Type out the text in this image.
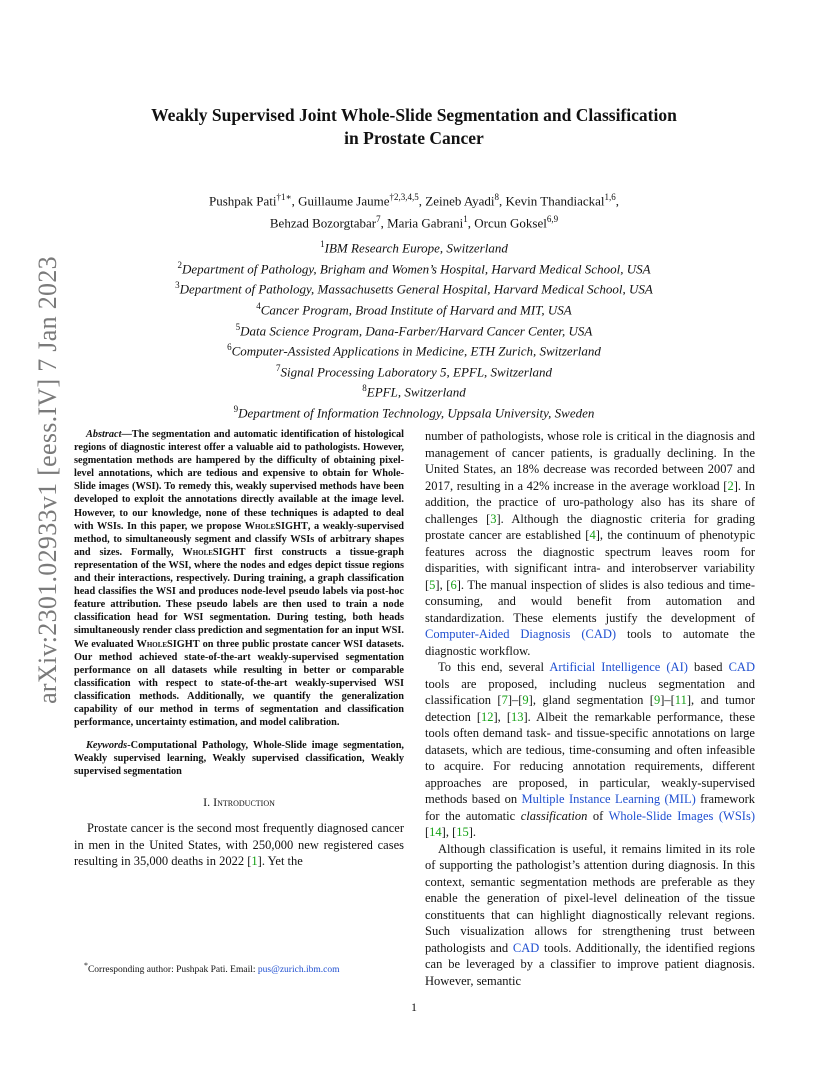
arXiv:2301.02933v1 [eess.IV] 7 Jan 2023
Weakly Supervised Joint Whole-Slide Segmentation and Classification
in Prostate Cancer
Pushpak Pati$^{\dagger 1∗}$, Guillaume Jaume$^{\dagger 2,3,4,5}$, Zeineb Ayadi$^8$, Kevin Thandiackal$^{1,6}$,
Behzad Bozorgtabar$^7$, Maria Gabrani$^1$, Orcun Goksel$^{6,9}$
$^1$IBM Research Europe, Switzerland
$^2$Department of Pathology, Brigham and Women’s Hospital, Harvard Medical School, USA
$^3$Department of Pathology, Massachusetts General Hospital, Harvard Medical School, USA
$^4$Cancer Program, Broad Institute of Harvard and MIT, USA
$^5$Data Science Program, Dana-Farber/Harvard Cancer Center, USA
$^6$Computer-Assisted Applications in Medicine, ETH Zurich, Switzerland
$^7$Signal Processing Laboratory 5, EPFL, Switzerland
$^8$EPFL, Switzerland
$^9$Department of Information Technology, Uppsala University, Sweden

Abstract—The segmentation and automatic identification of histological regions of diagnostic interest offer a valuable aid to pathologists. However, segmentation methods are hampered by the difficulty of obtaining pixel-level annotations, which are tedious and expensive to obtain for Whole-Slide images (WSI). To remedy this, weakly supervised methods have been developed to exploit the annotations directly available at the image level. However, to our knowledge, none of these techniques is adapted to deal with WSIs. In this paper, we propose WholeSIGHT, a weakly-supervised method, to simultaneously segment and classify WSIs of arbitrary shapes and sizes. Formally, WholeSIGHT first constructs a tissue-graph representation of the WSI, where the nodes and edges depict tissue regions and their interactions, respectively. During training, a graph classification head classifies the WSI and produces node-level pseudo labels via post-hoc feature attribution. These pseudo labels are then used to train a node classification head for WSI segmentation. During testing, both heads simultaneously render class prediction and segmentation for an input WSI. We evaluated WholeSIGHT on three public prostate cancer WSI datasets. Our method achieved state-of-the-art weakly-supervised segmentation performance on all datasets while resulting in better or comparable classification with respect to state-of-the-art weakly-supervised WSI classification methods. Additionally, we quantify the generalization capability of our method in terms of segmentation and classification performance, uncertainty estimation, and model calibration.

Keywords-Computational Pathology, Whole-Slide image segmentation, Weakly supervised learning, Weakly supervised classification, Weakly supervised segmentation

I. Introduction

Prostate cancer is the second most frequently diagnosed cancer in men in the United States, with 250,000 new registered cases resulting in 35,000 deaths in 2022 [1]. Yet the

number of pathologists, whose role is critical in the diagnosis and management of cancer patients, is gradually declining. In the United States, an 18% decrease was recorded between 2007 and 2017, resulting in a 42% increase in the average workload [2]. In addition, the practice of uro-pathology also has its share of challenges [3]. Although the diagnostic criteria for grading prostate cancer are established [4], the continuum of phenotypic features across the diagnostic spectrum leaves room for disparities, with significant intra- and interobserver variability [5], [6]. The manual inspection of slides is also tedious and time-consuming, and would benefit from automation and standardization. These elements justify the development of Computer-Aided Diagnosis (CAD) tools to automate the diagnostic workflow.

To this end, several Artificial Intelligence (AI) based CAD tools are proposed, including nucleus segmentation and classification [7]–[9], gland segmentation [9]–[11], and tumor detection [12], [13]. Albeit the remarkable performance, these tools often demand task- and tissue-specific annotations on large datasets, which are tedious, time-consuming and often infeasible to acquire. For reducing annotation requirements, different approaches are proposed, in particular, weakly-supervised methods based on Multiple Instance Learning (MIL) framework for the automatic classification of Whole-Slide Images (WSIs) [14], [15].

Although classification is useful, it remains limited in its role of supporting the pathologist’s attention during diagnosis. In this context, semantic segmentation methods are preferable as they enable the generation of pixel-level delineation of the tissue constituents that can highlight diagnostically relevant regions. Such visualization allows for strengthening trust between pathologists and CAD tools. Additionally, the identified regions can be leveraged by a classifier to improve patient diagnosis. However, semantic

*Corresponding author: Pushpak Pati. Email: pus@zurich.ibm.com
1
